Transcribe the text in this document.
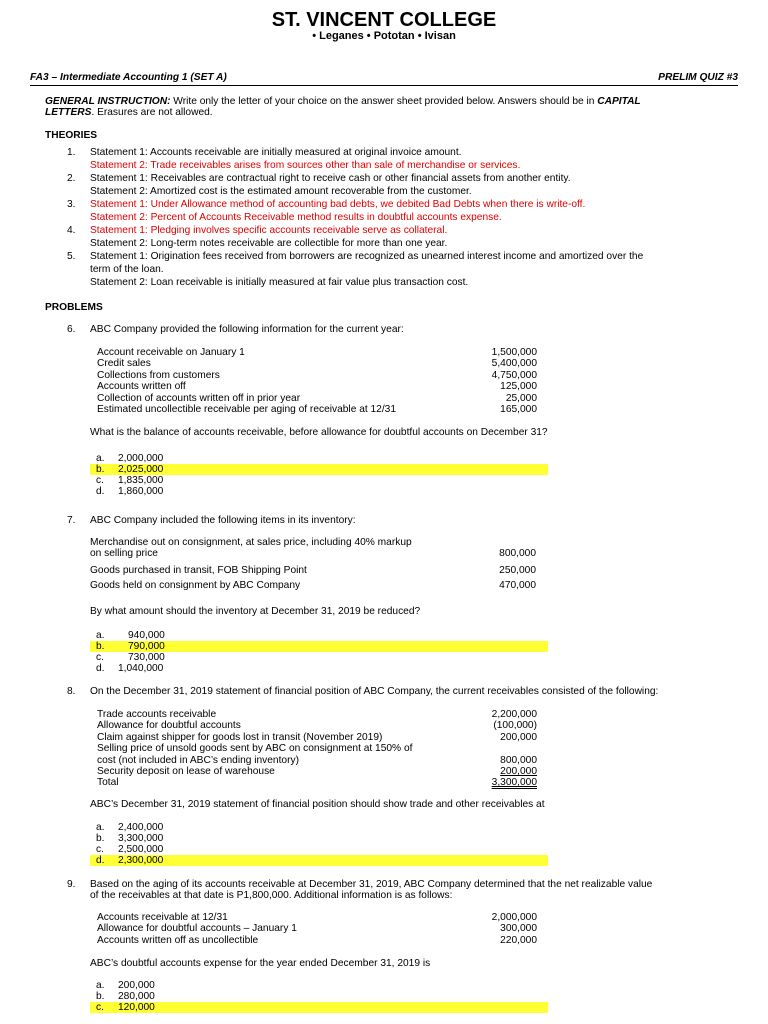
ST. VINCENT COLLEGE
• Leganes • Pototan • Ivisan
FA3 – Intermediate Accounting 1 (SET A)	PRELIM QUIZ #3
GENERAL INSTRUCTION: Write only the letter of your choice on the answer sheet provided below. Answers should be in CAPITAL
LETTERS. Erasures are not allowed.
THEORIES
1. Statement 1: Accounts receivable are initially measured at original invoice amount.
Statement 2: Trade receivables arises from sources other than sale of merchandise or services.
2. Statement 1: Receivables are contractual right to receive cash or other financial assets from another entity.
Statement 2: Amortized cost is the estimated amount recoverable from the customer.
3. Statement 1: Under Allowance method of accounting bad debts, we debited Bad Debts when there is write-off.
Statement 2: Percent of Accounts Receivable method results in doubtful accounts expense.
4. Statement 1: Pledging involves specific accounts receivable serve as collateral.
Statement 2: Long-term notes receivable are collectible for more than one year.
5. Statement 1: Origination fees received from borrowers are recognized as unearned interest income and amortized over the
term of the loan.
Statement 2: Loan receivable is initially measured at fair value plus transaction cost.
PROBLEMS
6. ABC Company provided the following information for the current year:
Account receivable on January 1	1,500,000
Credit sales	5,400,000
Collections from customers	4,750,000
Accounts written off	125,000
Collection of accounts written off in prior year	25,000
Estimated uncollectible receivable per aging of receivable at 12/31	165,000
What is the balance of accounts receivable, before allowance for doubtful accounts on December 31?
a. 2,000,000
b. 2,025,000
c. 1,835,000
d. 1,860,000
7. ABC Company included the following items in its inventory:
Merchandise out on consignment, at sales price, including 40% markup
on selling price	800,000
Goods purchased in transit, FOB Shipping Point	250,000
Goods held on consignment by ABC Company	470,000
By what amount should the inventory at December 31, 2019 be reduced?
a. 940,000
b. 790,000
c. 730,000
d. 1,040,000
8. On the December 31, 2019 statement of financial position of ABC Company, the current receivables consisted of the following:
Trade accounts receivable	2,200,000
Allowance for doubtful accounts	(100,000)
Claim against shipper for goods lost in transit (November 2019)	200,000
Selling price of unsold goods sent by ABC on consignment at 150% of
cost (not included in ABC’s ending inventory)	800,000
Security deposit on lease of warehouse	200,000
Total	3,300,000
ABC’s December 31, 2019 statement of financial position should show trade and other receivables at
a. 2,400,000
b. 3,300,000
c. 2,500,000
d. 2,300,000
9. Based on the aging of its accounts receivable at December 31, 2019, ABC Company determined that the net realizable value
of the receivables at that date is P1,800,000. Additional information is as follows:
Accounts receivable at 12/31	2,000,000
Allowance for doubtful accounts – January 1	300,000
Accounts written off as uncollectible	220,000
ABC’s doubtful accounts expense for the year ended December 31, 2019 is
a. 200,000
b. 280,000
c. 120,000
